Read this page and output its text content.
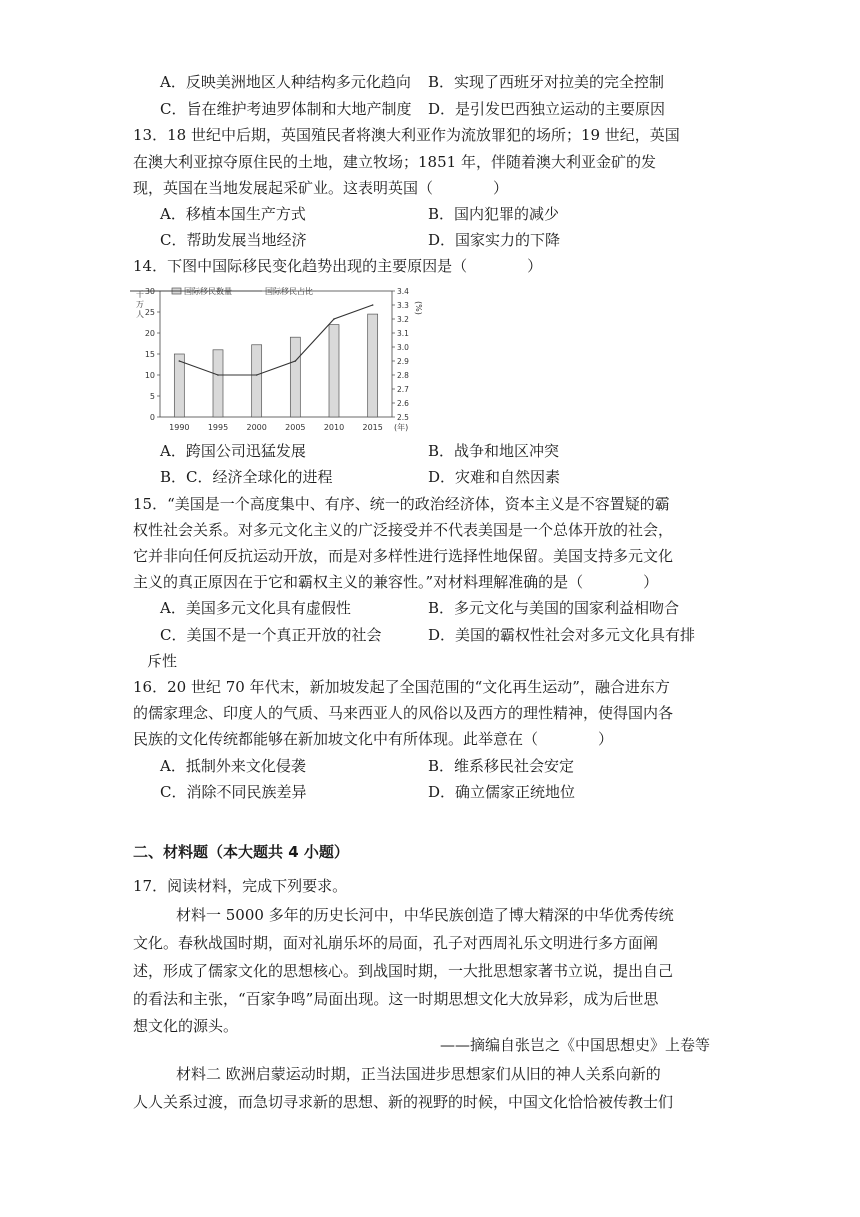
A．反映美洲地区人种结构多元化趋向 B．实现了西班牙对拉美的完全控制
C．旨在维护考迪罗体制和大地产制度 D．是引发巴西独立运动的主要原因
13．18 世纪中后期，英国殖民者将澳大利亚作为流放罪犯的场所；19 世纪，英国
在澳大利亚掠夺原住民的土地，建立牧场；1851 年，伴随着澳大利亚金矿的发
现，英国在当地发展起采矿业。这表明英国（　　　　）
A．移植本国生产方式	B．国内犯罪的减少
C．帮助发展当地经济	D．国家实力的下降
14．下图中国际移民变化趋势出现的主要原因是（　　　　）
千
万
人	(%)
国际移民数量	国际移民占比
0
5
10
15
20
25
30
2.5
2.6
2.7
2.8
2.9
3.0
3.1
3.2
3.3
3.4
1990 1995 2000 2005 2010 2015 (年)
A．跨国公司迅猛发展	B．战争和地区冲突
B．C．经济全球化的进程	D．灾难和自然因素
15．“美国是一个高度集中、有序、统一的政治经济体，资本主义是不容置疑的霸
权性社会关系。对多元文化主义的广泛接受并不代表美国是一个总体开放的社会，
它并非向任何反抗运动开放，而是对多样性进行选择性地保留。美国支持多元文化
主义的真正原因在于它和霸权主义的兼容性。”对材料理解准确的是（　　　　）
A．美国多元文化具有虚假性	B．多元文化与美国的国家利益相吻合
C．美国不是一个真正开放的社会	D．美国的霸权性社会对多元文化具有排
斥性
16．20 世纪 70 年代末，新加坡发起了全国范围的“文化再生运动”，融合进东方
的儒家理念、印度人的气质、马来西亚人的风俗以及西方的理性精神，使得国内各
民族的文化传统都能够在新加坡文化中有所体现。此举意在（　　　　）
A．抵制外来文化侵袭	B．维系移民社会安定
C．消除不同民族差异	D．确立儒家正统地位
二、材料题（本大题共 4 小题）
17．阅读材料，完成下列要求。
材料一 5000 多年的历史长河中，中华民族创造了博大精深的中华优秀传统
文化。春秋战国时期，面对礼崩乐坏的局面，孔子对西周礼乐文明进行多方面阐
述，形成了儒家文化的思想核心。到战国时期，一大批思想家著书立说，提出自己
的看法和主张，“百家争鸣”局面出现。这一时期思想文化大放异彩，成为后世思
想文化的源头。
——摘编自张岂之《中国思想史》上卷等
材料二 欧洲启蒙运动时期，正当法国进步思想家们从旧的神人关系向新的
人人关系过渡，而急切寻求新的思想、新的视野的时候，中国文化恰恰被传教士们
